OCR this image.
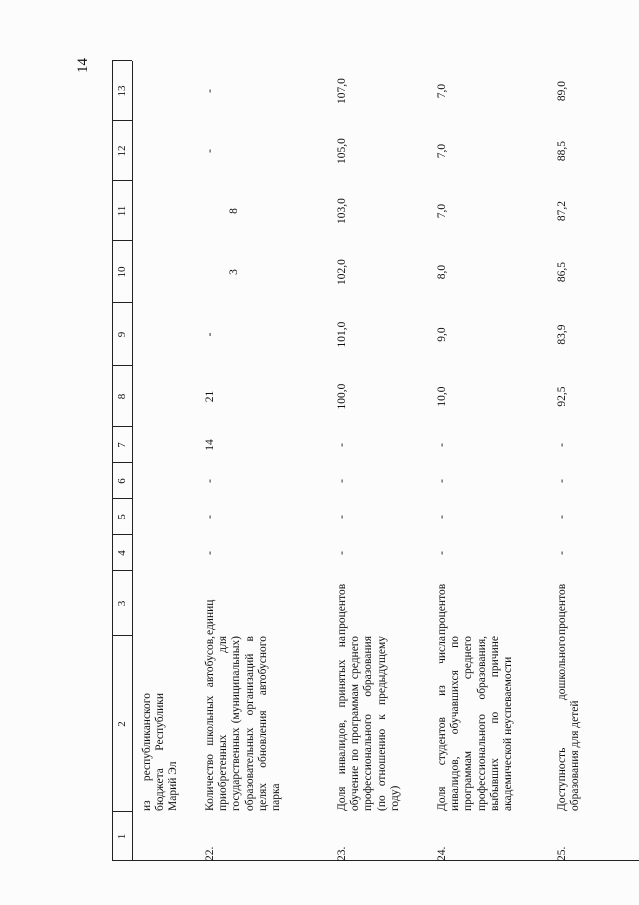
14
1
2
3
4
5
6
7
8
9
10
11
12
13
из республиканского бюджета Республики Марий Эл
22.
Количество школьных автобусов, приобретенных для государственных (муниципальных) образовательных организаций в целях обновления автобусного парка
единиц
-
-
-
14
21
-
3
8
-
-
23.
Доля инвалидов, принятых на обучение по программам среднего профессионального образования (по отношению к предыдущему году)
процентов
-
-
-
-
100,0
101,0
102,0
103,0
105,0
107,0
24.
Доля студентов из числа инвалидов, обучавшихся по программам среднего профессионального образования, выбывших по причине академической неуспеваемости
процентов
-
-
-
-
10,0
9,0
8,0
7,0
7,0
7,0
25.
Доступность дошкольного образования для детей
процентов
-
-
-
-
92,5
83,9
86,5
87,2
88,5
89,0
